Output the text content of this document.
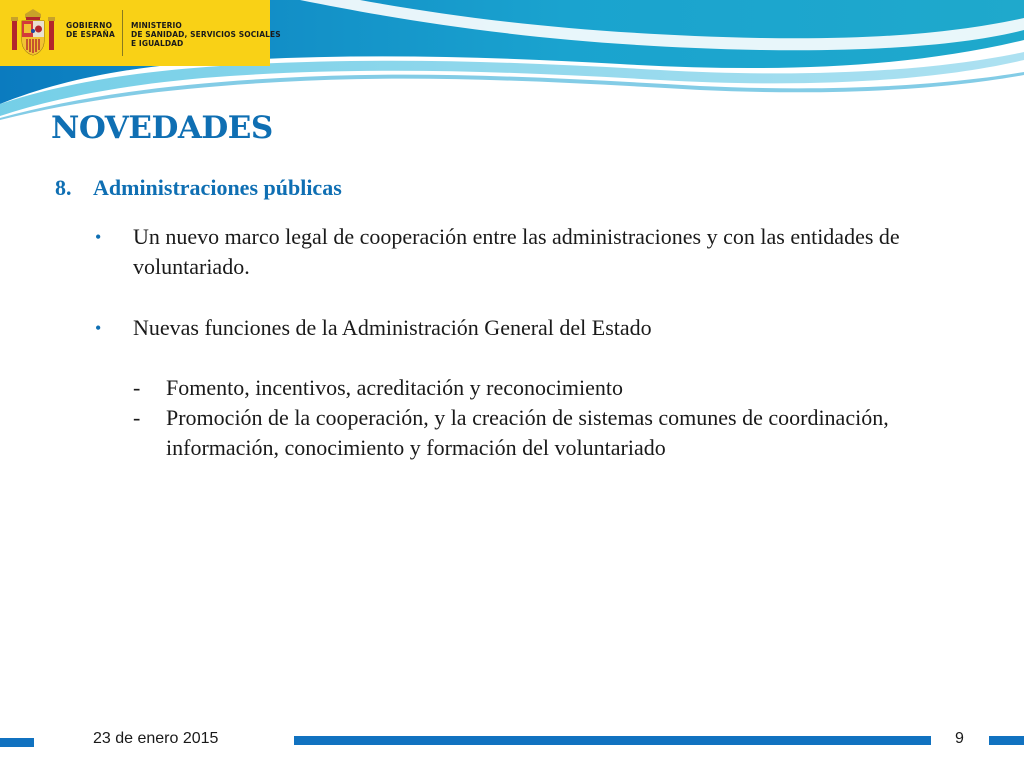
GOBIERNO
DE ESPAÑA
MINISTERIO
DE SANIDAD, SERVICIOS SOCIALES
E IGUALDAD
NOVEDADES
8. Administraciones públicas
• Un nuevo marco legal de cooperación entre las administraciones y con las entidades de voluntariado.
• Nuevas funciones de la Administración General del Estado
- Fomento, incentivos, acreditación y reconocimiento
- Promoción de la cooperación, y la creación de sistemas comunes de coordinación, información, conocimiento y formación del voluntariado
23 de enero 2015	9
